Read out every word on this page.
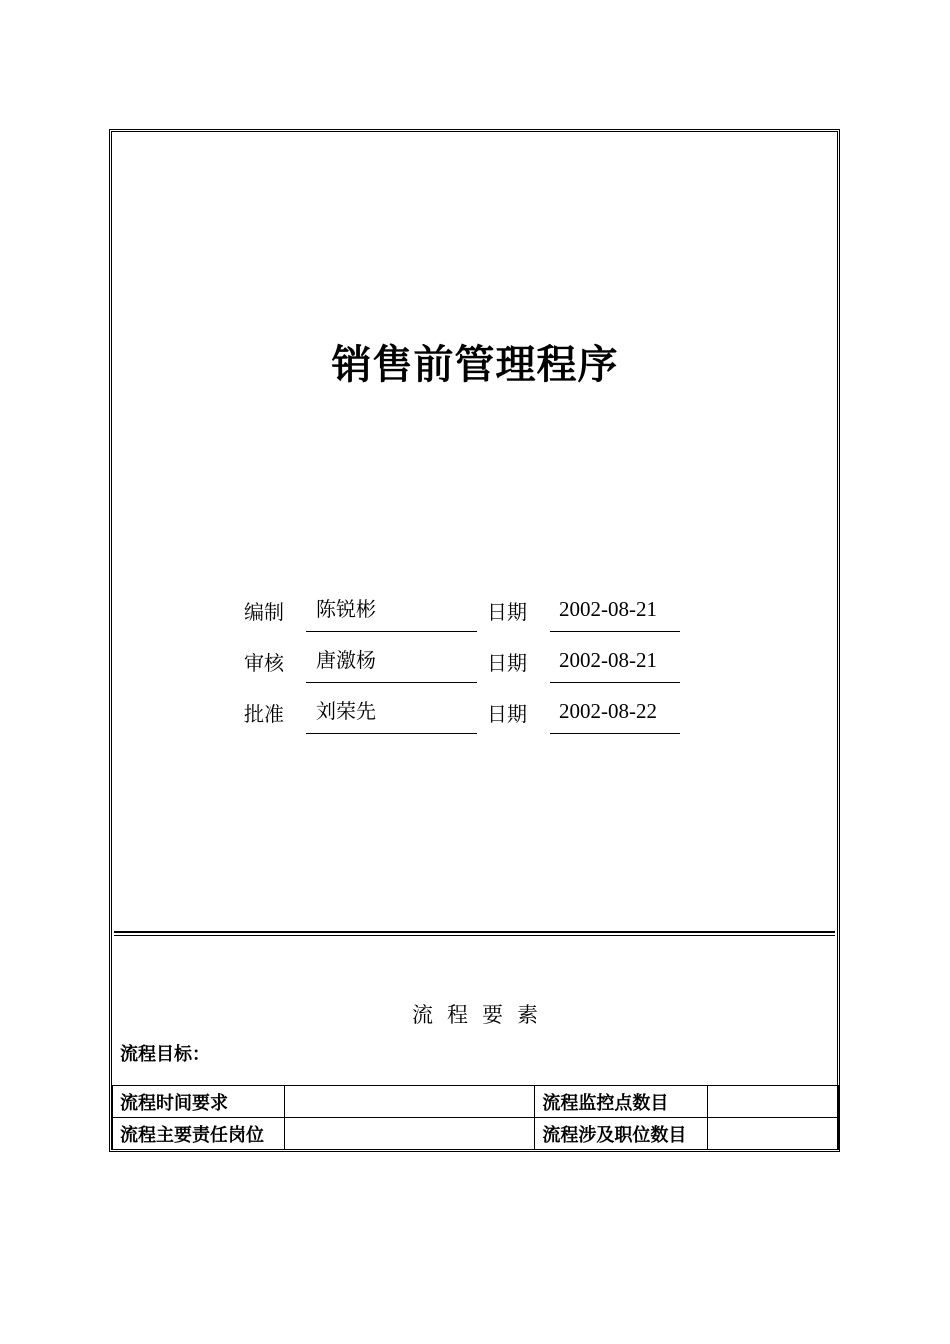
销售前管理程序
编制	陈锐彬	日期	2002-08-21
审核	唐激杨	日期	2002-08-21
批准	刘荣先	日期	2002-08-22
流程要素
流程目标：
流程时间要求		流程监控点数目	
流程主要责任岗位		流程涉及职位数目	
